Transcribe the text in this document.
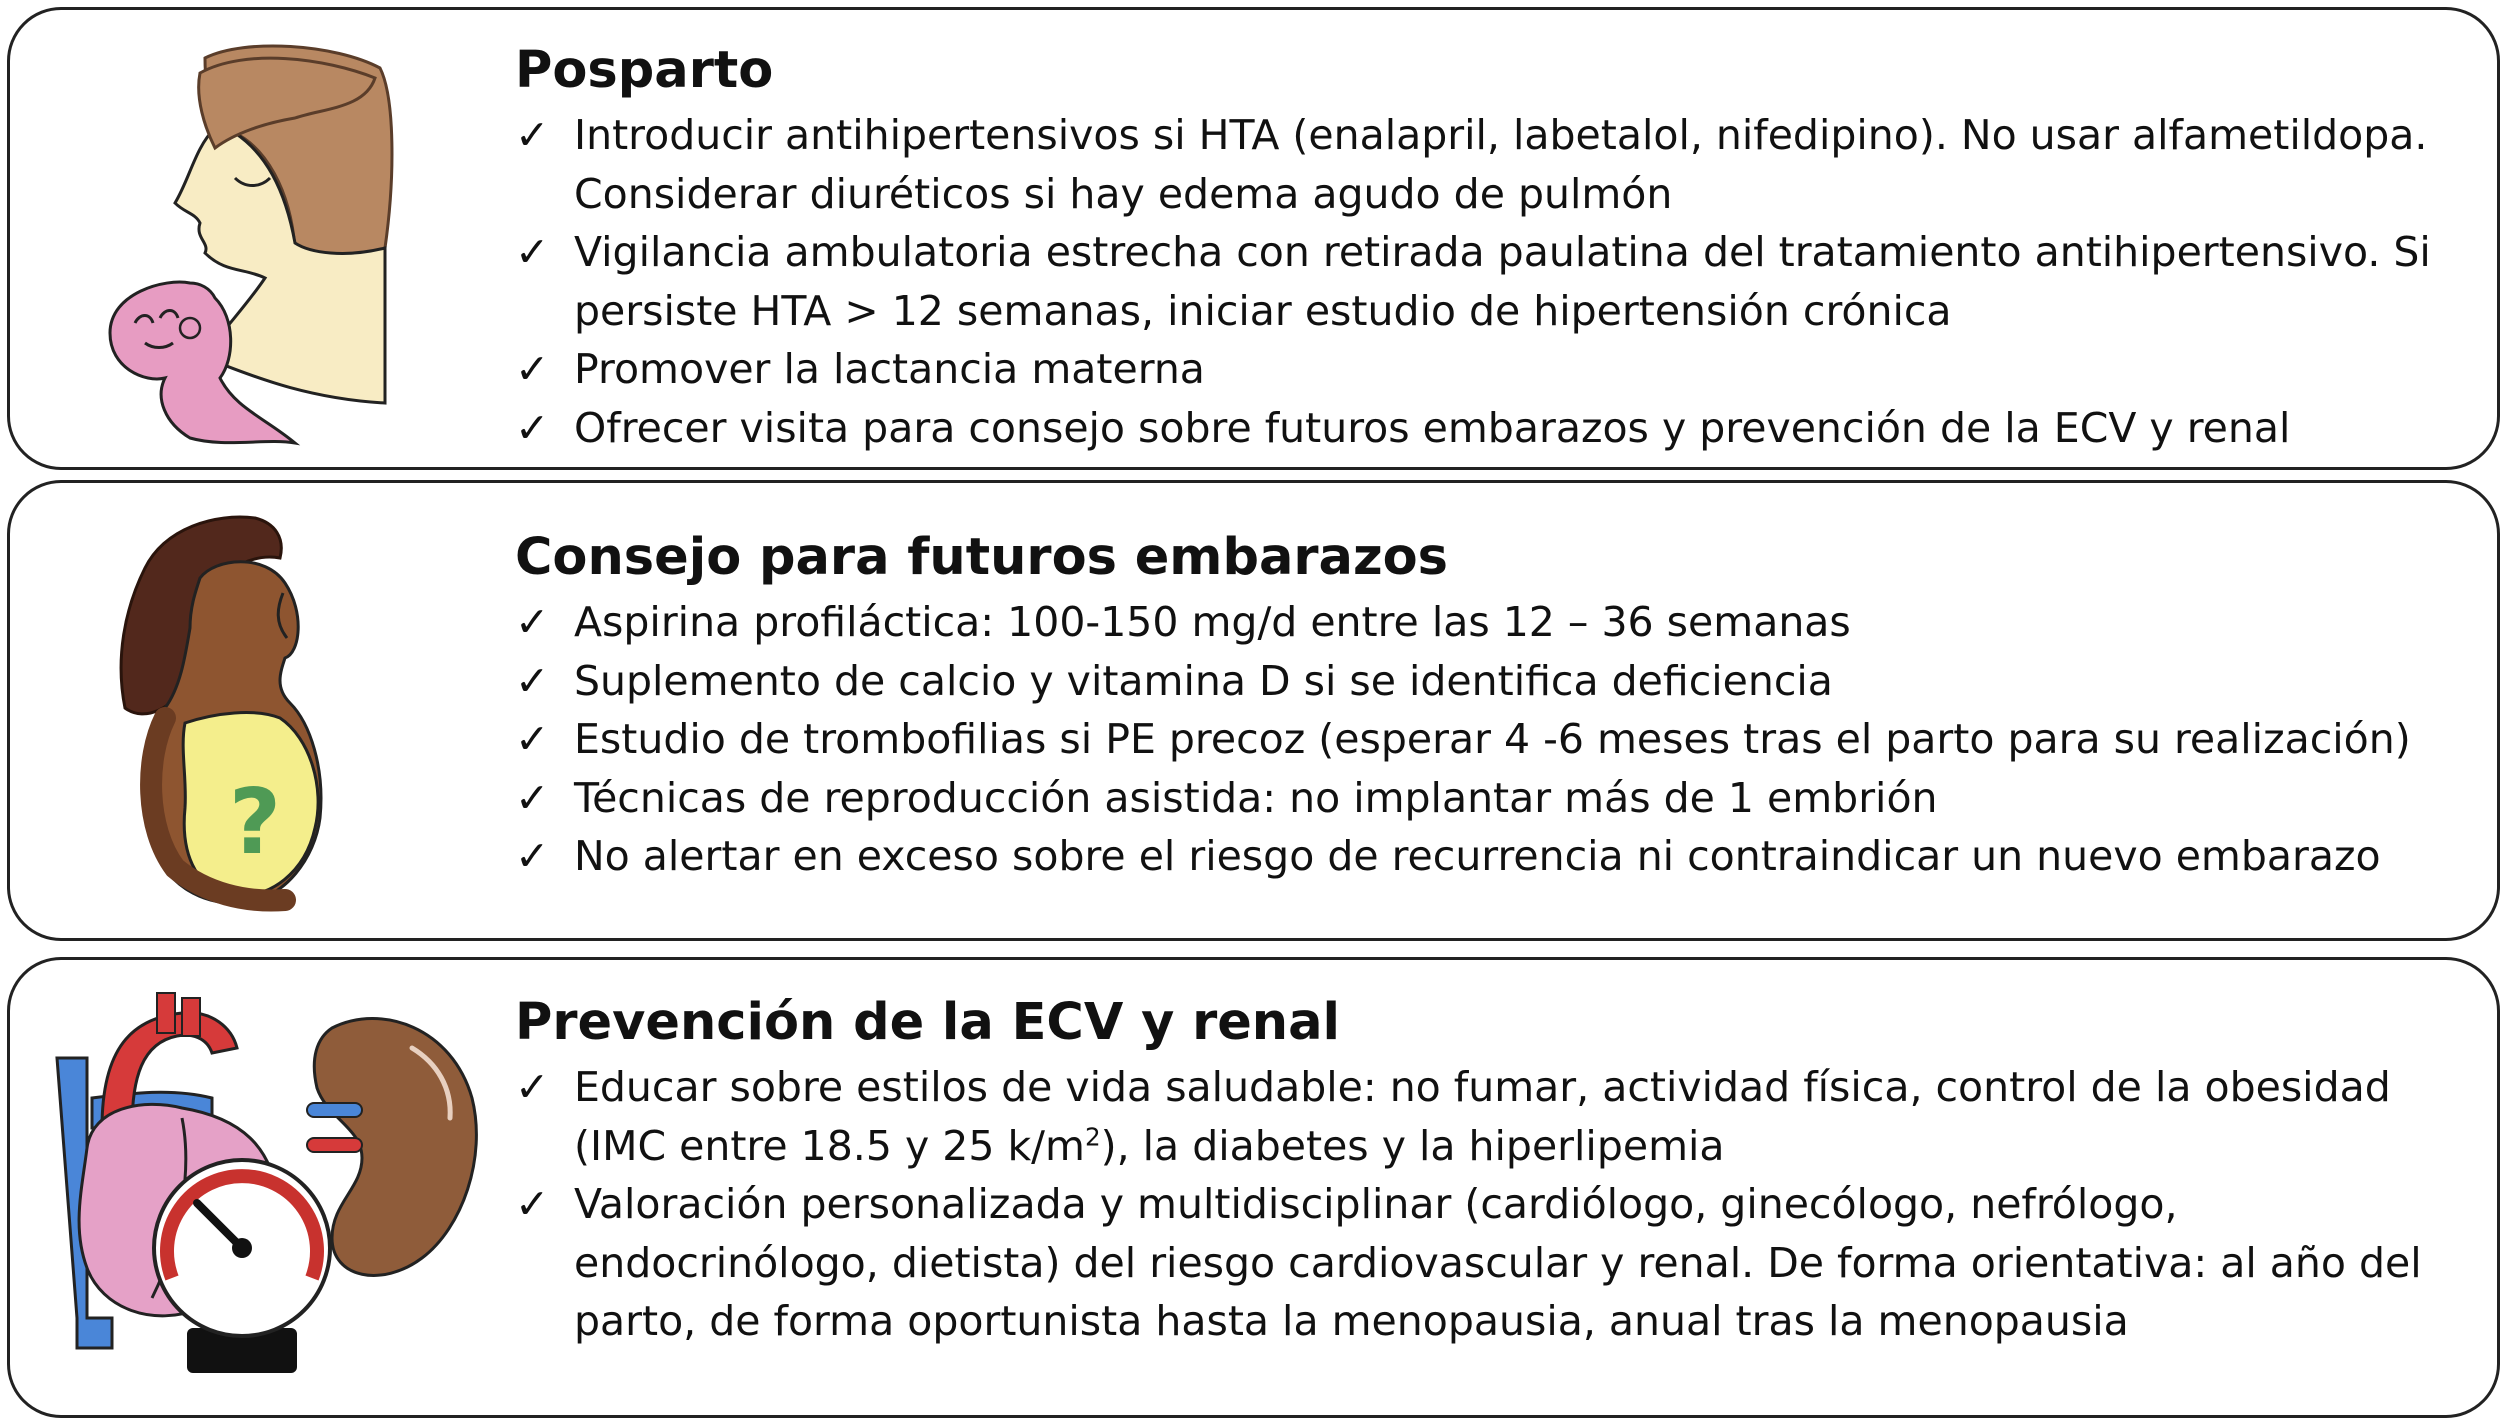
Posparto
✓ Introducir antihipertensivos si HTA (enalapril, labetalol, nifedipino). No usar alfametildopa. Considerar diuréticos si hay edema agudo de pulmón
✓ Vigilancia ambulatoria estrecha con retirada paulatina del tratamiento antihipertensivo. Si persiste HTA > 12 semanas, iniciar estudio de hipertensión crónica
✓ Promover la lactancia materna
✓ Ofrecer visita para consejo sobre futuros embarazos y prevención de la ECV y renal
?
Consejo para futuros embarazos
✓ Aspirina profiláctica: 100-150 mg/d entre las 12 – 36 semanas
✓ Suplemento de calcio y vitamina D si se identifica deficiencia
✓ Estudio de trombofilias si PE precoz (esperar 4 -6 meses tras el parto para su realización)
✓ Técnicas de reproducción asistida: no implantar más de 1 embrión
✓ No alertar en exceso sobre el riesgo de recurrencia ni contraindicar un nuevo embarazo
Prevención de la ECV y renal
✓ Educar sobre estilos de vida saludable: no fumar, actividad física, control de la obesidad (IMC entre 18.5 y 25 $k/m^2$), la diabetes y la hiperlipemia
✓ Valoración personalizada y multidisciplinar (cardiólogo, ginecólogo, nefrólogo, endocrinólogo, dietista) del riesgo cardiovascular y renal. De forma orientativa: al año del parto, de forma oportunista hasta la menopausia, anual tras la menopausia
